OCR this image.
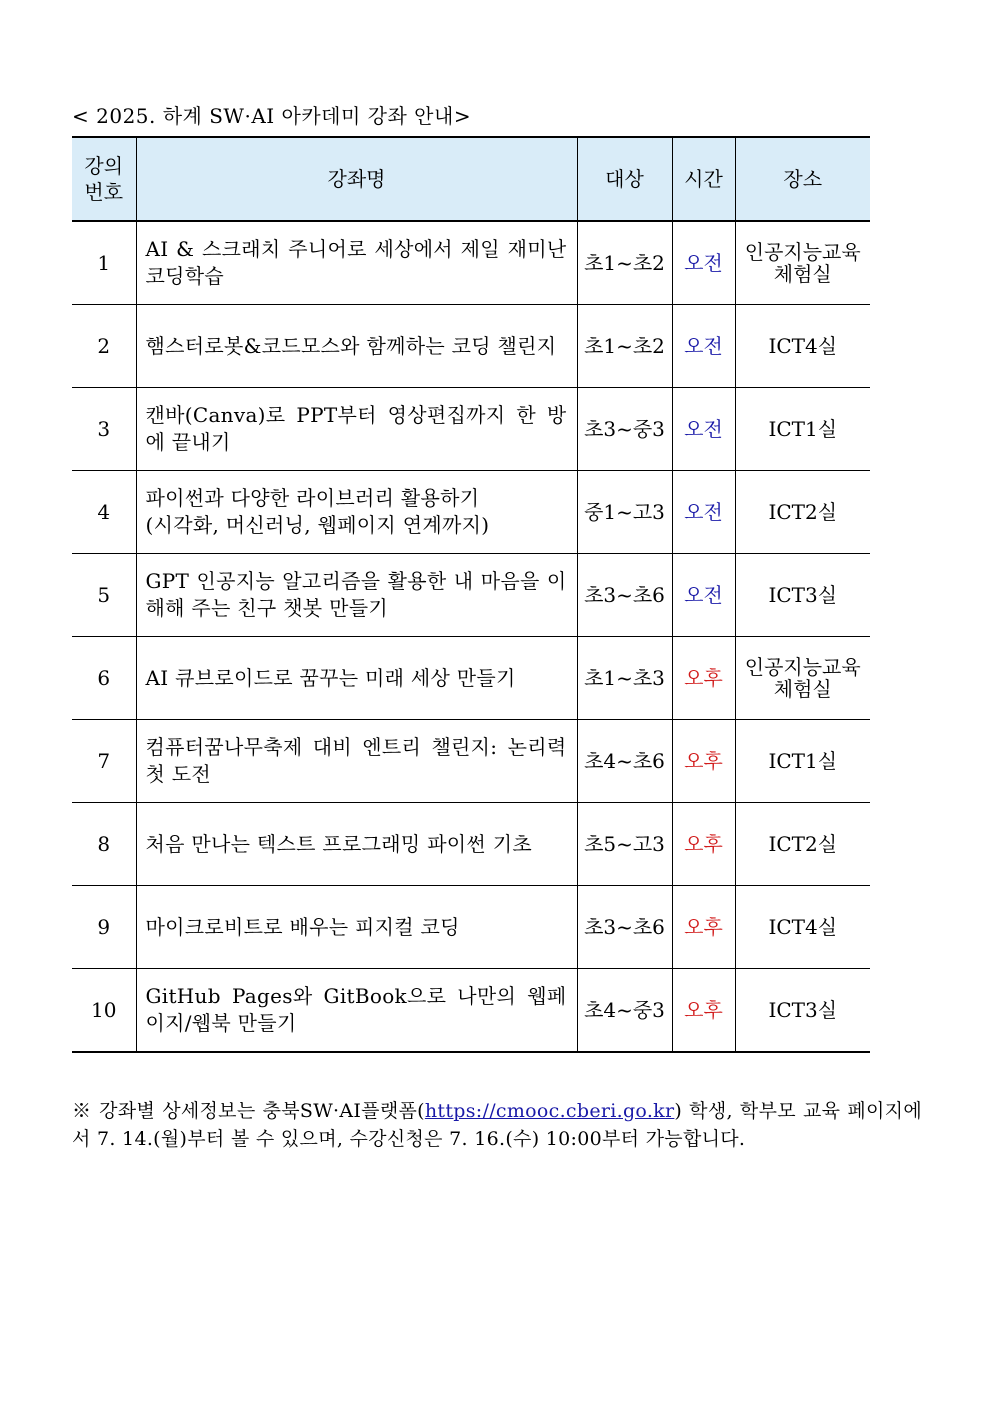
< 2025. 하계 SW·AI 아카데미 강좌 안내>
강의
번호	강좌명	대상	시간	장소
1	AI & 스크래치 주니어로 세상에서 제일 재미난 코딩학습	초1~초2	오전	인공지능교육
체험실
2	햄스터로봇&코드모스와 함께하는 코딩 챌린지	초1~초2	오전	ICT4실
3	캔바(Canva)로 PPT부터 영상편집까지 한 방에 끝내기	초3~중3	오전	ICT1실
4	파이썬과 다양한 라이브러리 활용하기
(시각화, 머신러닝, 웹페이지 연계까지)	중1~고3	오전	ICT2실
5	GPT 인공지능 알고리즘을 활용한 내 마음을 이해해 주는 친구 챗봇 만들기	초3~초6	오전	ICT3실
6	AI 큐브로이드로 꿈꾸는 미래 세상 만들기	초1~초3	오후	인공지능교육
체험실
7	컴퓨터꿈나무축제 대비 엔트리 챌린지: 논리력 첫 도전	초4~초6	오후	ICT1실
8	처음 만나는 텍스트 프로그래밍 파이썬 기초	초5~고3	오후	ICT2실
9	마이크로비트로 배우는 피지컬 코딩	초3~초6	오후	ICT4실
10	GitHub Pages와 GitBook으로 나만의 웹페이지/웹북 만들기	초4~중3	오후	ICT3실
※ 강좌별 상세정보는 충북SW·AI플랫폼(https://cmooc.cberi.go.kr) 학생, 학부모 교육 페이지에서 7. 14.(월)부터 볼 수 있으며, 수강신청은 7. 16.(수) 10:00부터 가능합니다.
